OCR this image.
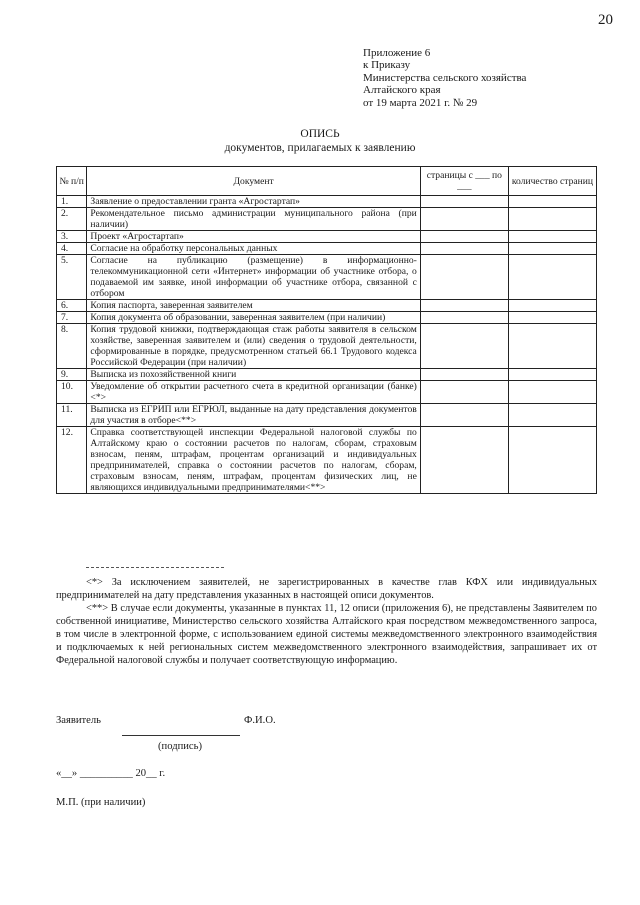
20
Приложение 6
к Приказу
Министерства сельского хозяйства
Алтайского края
от 19 марта 2021 г. № 29
ОПИСЬ
документов, прилагаемых к заявлению
№ п/п	Документ	страницы с ___ по ___	количество страниц
1.	Заявление о предоставлении гранта «Агростартап»		
2.	Рекомендательное письмо администрации муниципального района (при наличии)		
3.	Проект «Агростартап»		
4.	Согласие на обработку персональных данных		
5.	Согласие на публикацию (размещение) в информационно-телекоммуникационной сети «Интернет» информации об участнике отбора, о подаваемой им заявке, иной информации об участнике отбора, связанной с отбором		
6.	Копия паспорта, заверенная заявителем		
7.	Копия документа об образовании, заверенная заявителем (при наличии)		
8.	Копия трудовой книжки, подтверждающая стаж работы заявителя в сельском хозяйстве, заверенная заявителем и (или) сведения о трудовой деятельности, сформированные в порядке, предусмотренном статьей 66.1 Трудового кодекса Российской Федерации (при наличии)		
9.	Выписка из похозяйственной книги		
10.	Уведомление об открытии расчетного счета в кредитной организации (банке) <*>		
11.	Выписка из ЕГРИП или ЕГРЮЛ, выданные на дату представления документов для участия в отборе<**>		
12.	Справка соответствующей инспекции Федеральной налоговой службы по Алтайскому краю о состоянии расчетов по налогам, сборам, страховым взносам, пеням, штрафам, процентам организаций и индивидуальных предпринимателей, справка о состоянии расчетов по налогам, сборам, страховым взносам, пеням, штрафам, процентам физических лиц, не являющихся индивидуальными предпринимателями<**>		

<*> За исключением заявителей, не зарегистрированных в качестве глав КФХ или индивидуальных предпринимателей на дату представления указанных в настоящей описи документов.

<**> В случае если документы, указанные в пунктах 11, 12 описи (приложения 6), не представлены Заявителем по собственной инициативе, Министерство сельского хозяйства Алтайского края посредством межведомственного запроса, в том числе в электронной форме, с использованием единой системы межведомственного электронного взаимодействия и подключаемых к ней региональных систем межведомственного электронного взаимодействия, запрашивает их от Федеральной налоговой службы и получает соответствующую информацию.

Заявитель	Ф.И.О.
(подпись)
«__» __________ 20__ г.
М.П. (при наличии)
